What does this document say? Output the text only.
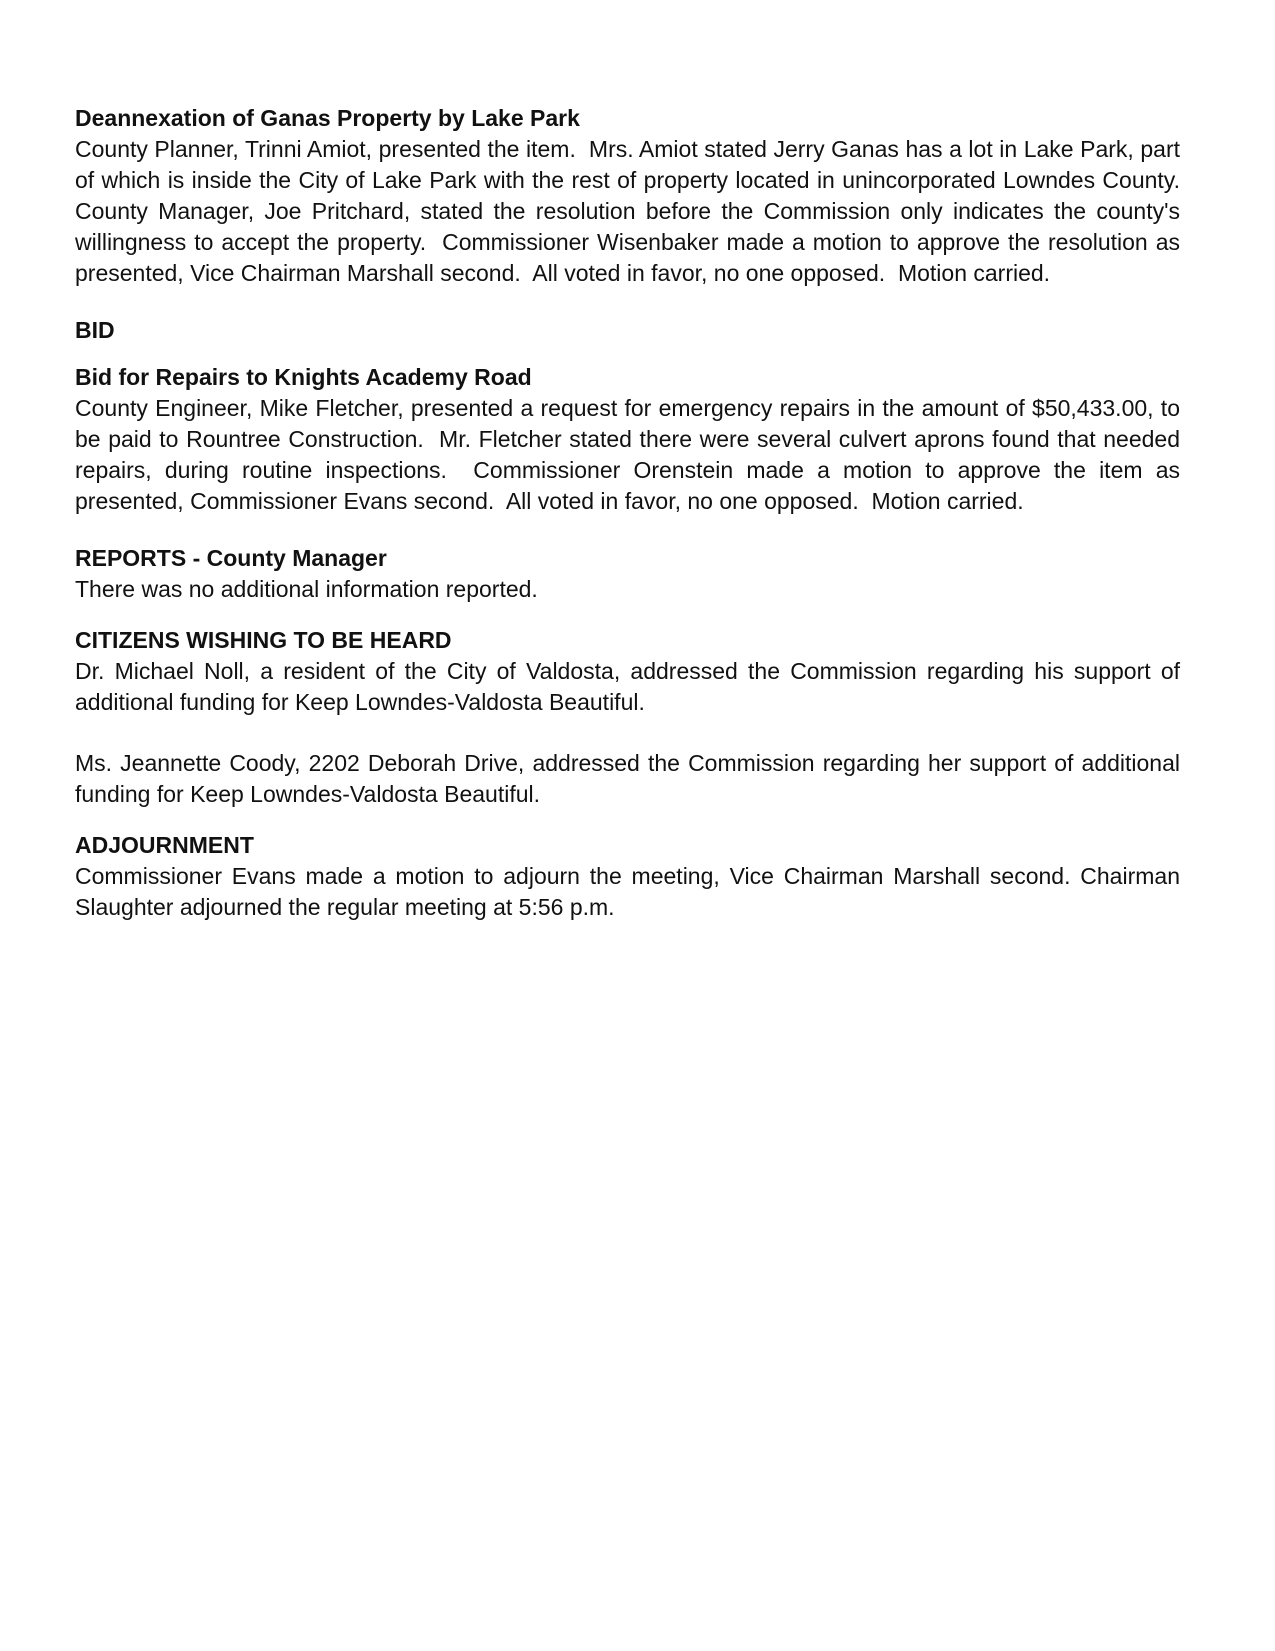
Deannexation of Ganas Property by Lake Park

County Planner, Trinni Amiot, presented the item.  Mrs. Amiot stated Jerry Ganas has a lot in Lake Park, part of which is inside the City of Lake Park with the rest of property located in unincorporated Lowndes County.  County Manager, Joe Pritchard, stated the resolution before the Commission only indicates the county's willingness to accept the property.  Commissioner Wisenbaker made a motion to approve the resolution as presented, Vice Chairman Marshall second.  All voted in favor, no one opposed.  Motion carried.

BID

Bid for Repairs to Knights Academy Road

County Engineer, Mike Fletcher, presented a request for emergency repairs in the amount of $50,433.00, to be paid to Rountree Construction.  Mr. Fletcher stated there were several culvert aprons found that needed repairs, during routine inspections.  Commissioner Orenstein made a motion to approve the item as presented, Commissioner Evans second.  All voted in favor, no one opposed.  Motion carried.

REPORTS - County Manager

There was no additional information reported.

CITIZENS WISHING TO BE HEARD

Dr. Michael Noll, a resident of the City of Valdosta, addressed the Commission regarding his support of additional funding for Keep Lowndes-Valdosta Beautiful.

Ms. Jeannette Coody, 2202 Deborah Drive, addressed the Commission regarding her support of additional funding for Keep Lowndes-Valdosta Beautiful.

ADJOURNMENT

Commissioner Evans made a motion to adjourn the meeting, Vice Chairman Marshall second. Chairman Slaughter adjourned the regular meeting at 5:56 p.m.
